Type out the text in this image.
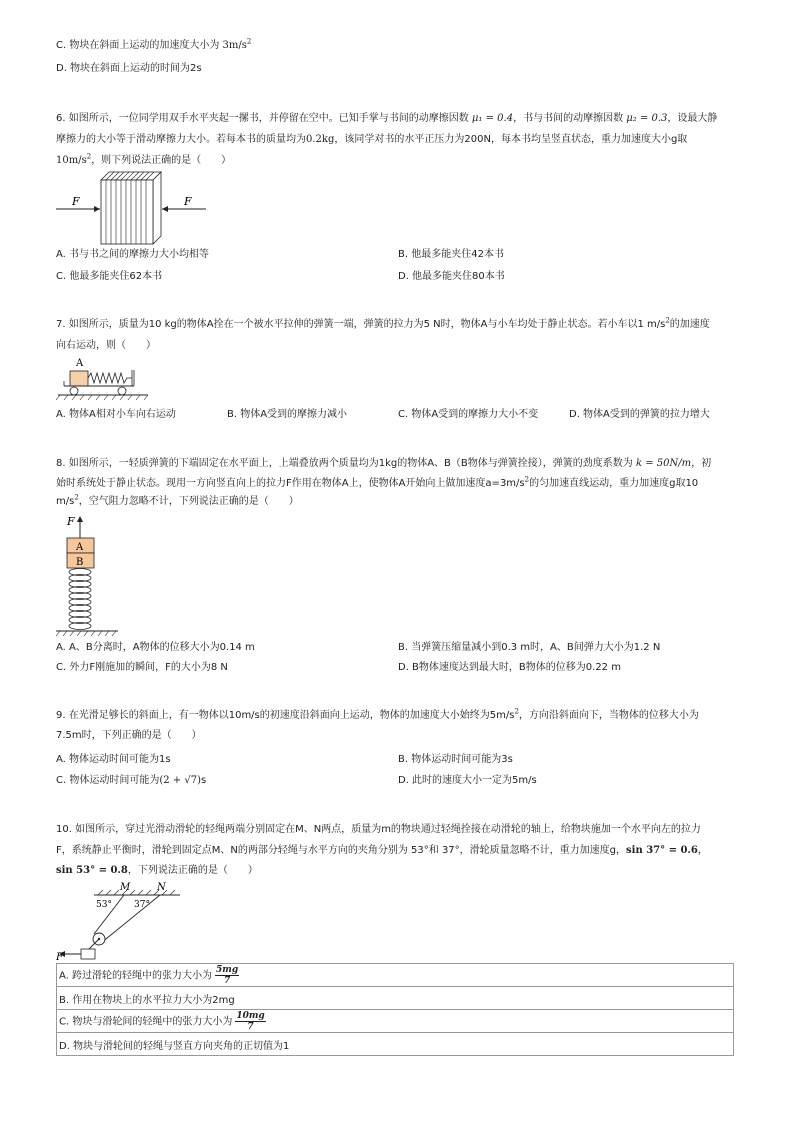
C. 物块在斜面上运动的加速度大小为 $3m/s^2$
D. 物块在斜面上运动的时间为2s
6. 如图所示，一位同学用双手水平夹起一摞书，并停留在空中。已知手掌与书间的动摩擦因数 μ₁ = 0.4，书与书间的动摩擦因数 μ₂ = 0.3，设最大静
摩擦力的大小等于滑动摩擦力大小。若每本书的质量均为0.2kg，该同学对书的水平正压力为200N，每本书均呈竖直状态，重力加速度大小g取
$10m/s^2$，则下列说法正确的是（　　）
F	F
A. 书与书之间的摩擦力大小均相等	B. 他最多能夹住42本书
C. 他最多能夹住62本书	D. 他最多能夹住80本书
7. 如图所示，质量为10 kg的物体A拴在一个被水平拉伸的弹簧一端，弹簧的拉力为5 N时，物体A与小车均处于静止状态。若小车以1 $m/s^2$的加速度
向右运动，则（　　）
A
A. 物体A相对小车向右运动	B. 物体A受到的摩擦力减小	C. 物体A受到的摩擦力大小不变	D. 物体A受到的弹簧的拉力增大
8. 如图所示，一轻质弹簧的下端固定在水平面上，上端叠放两个质量均为1kg的物体A、B（B物体与弹簧拴接），弹簧的劲度系数为 k = 50N/m，初
始时系统处于静止状态。现用一方向竖直向上的拉力F作用在物体A上，使物体A开始向上做加速度$a=3m/s^2$的匀加速直线运动，重力加速度g取10
$m/s^2$，空气阻力忽略不计，下列说法正确的是（　　）
F
A
B
A. A、B分离时，A物体的位移大小为0.14 m	B. 当弹簧压缩量减小到0.3 m时，A、B间弹力大小为1.2 N
C. 外力F刚施加的瞬间，F的大小为8 N	D. B物体速度达到最大时，B物体的位移为0.22 m
9. 在光滑足够长的斜面上，有一物体以10m/s的初速度沿斜面向上运动，物体的加速度大小始终为$5m/s^2$，方向沿斜面向下，当物体的位移大小为
7.5m时，下列正确的是（　　）
A. 物体运动时间可能为1s	B. 物体运动时间可能为3s
C. 物体运动时间可能为(2 + √7)s	D. 此时的速度大小一定为5m/s
10. 如图所示，穿过光滑动滑轮的轻绳两端分别固定在M、N两点，质量为m的物块通过轻绳拴接在动滑轮的轴上，给物块施加一个水平向左的拉力
F，系统静止平衡时，滑轮到固定点M、N的两部分轻绳与水平方向的夹角分别为 53°和 37°，滑轮质量忽略不计，重力加速度g，sin 37° = 0.6，
sin 53° = 0.8，下列说法正确的是（　　）
M	N
53° 37°
F
A. 跨过滑轮的轻绳中的张力大小为 $\frac{5mg}{7}$

B. 作用在物块上的水平拉力大小为2mg
C. 物块与滑轮间的轻绳中的张力大小为 $\frac{10mg}{7}$

D. 物块与滑轮间的轻绳与竖直方向夹角的正切值为1
